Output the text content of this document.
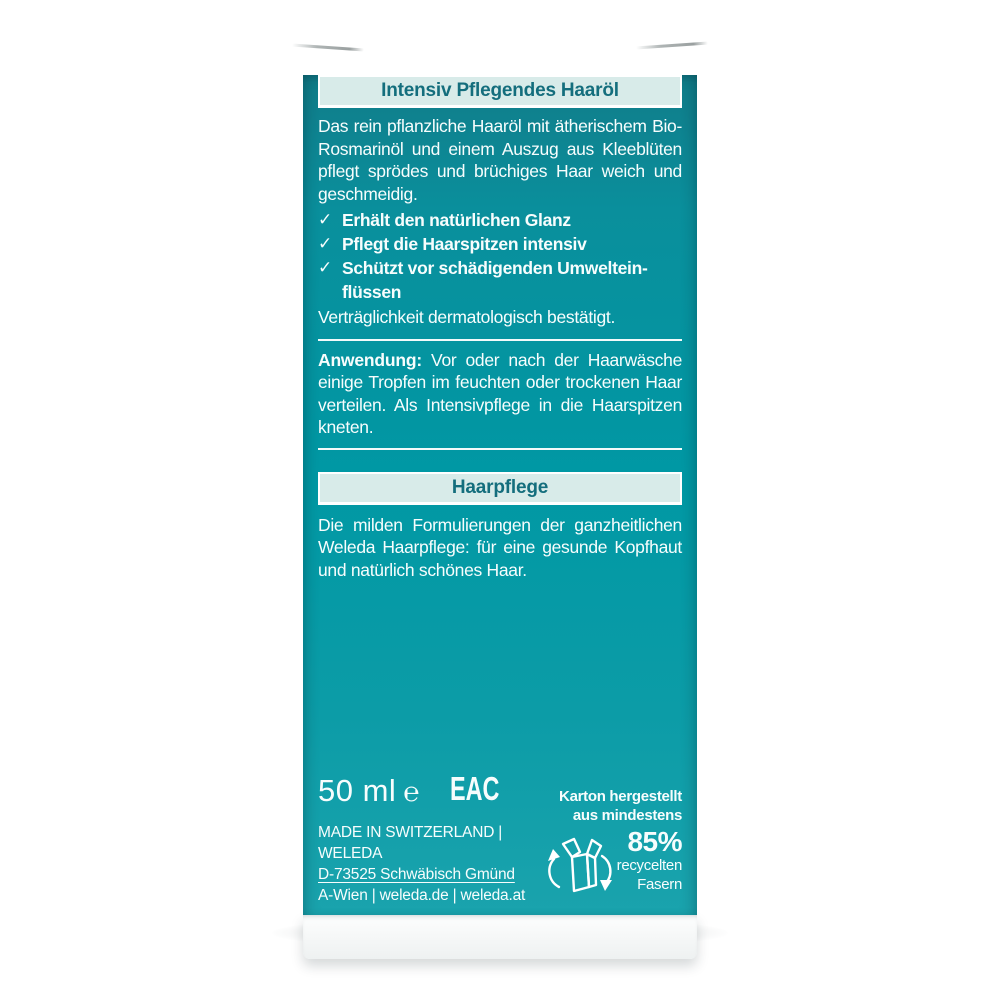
Intensiv Pflegendes Haaröl

Das rein pflanzliche Haaröl mit ätherischem Bio-Rosmarinöl und einem Auszug aus Kleeblüten pflegt sprödes und brüchiges Haar weich und geschmeidig.

✓ Erhält den natürlichen Glanz
✓ Pflegt die Haarspitzen intensiv
✓ Schützt vor schädigenden Umwelteinflüssen

Verträglichkeit dermatologisch bestätigt.

Anwendung: Vor oder nach der Haarwäsche einige Tropfen im feuchten oder trockenen Haar verteilen. Als Intensivpflege in die Haarspitzen kneten.

Haarpflege

Die milden Formulierungen der ganzheitlichen Weleda Haarpflege: für eine gesunde Kopfhaut und natürlich schönes Haar.

50 ml ℮ EAC
MADE IN SWITZERLAND | WELEDA
D-73525 Schwäbisch Gmünd
A-Wien | weleda.de | weleda.at
Karton hergestellt
aus mindestens
85%
recycelten
Fasern
